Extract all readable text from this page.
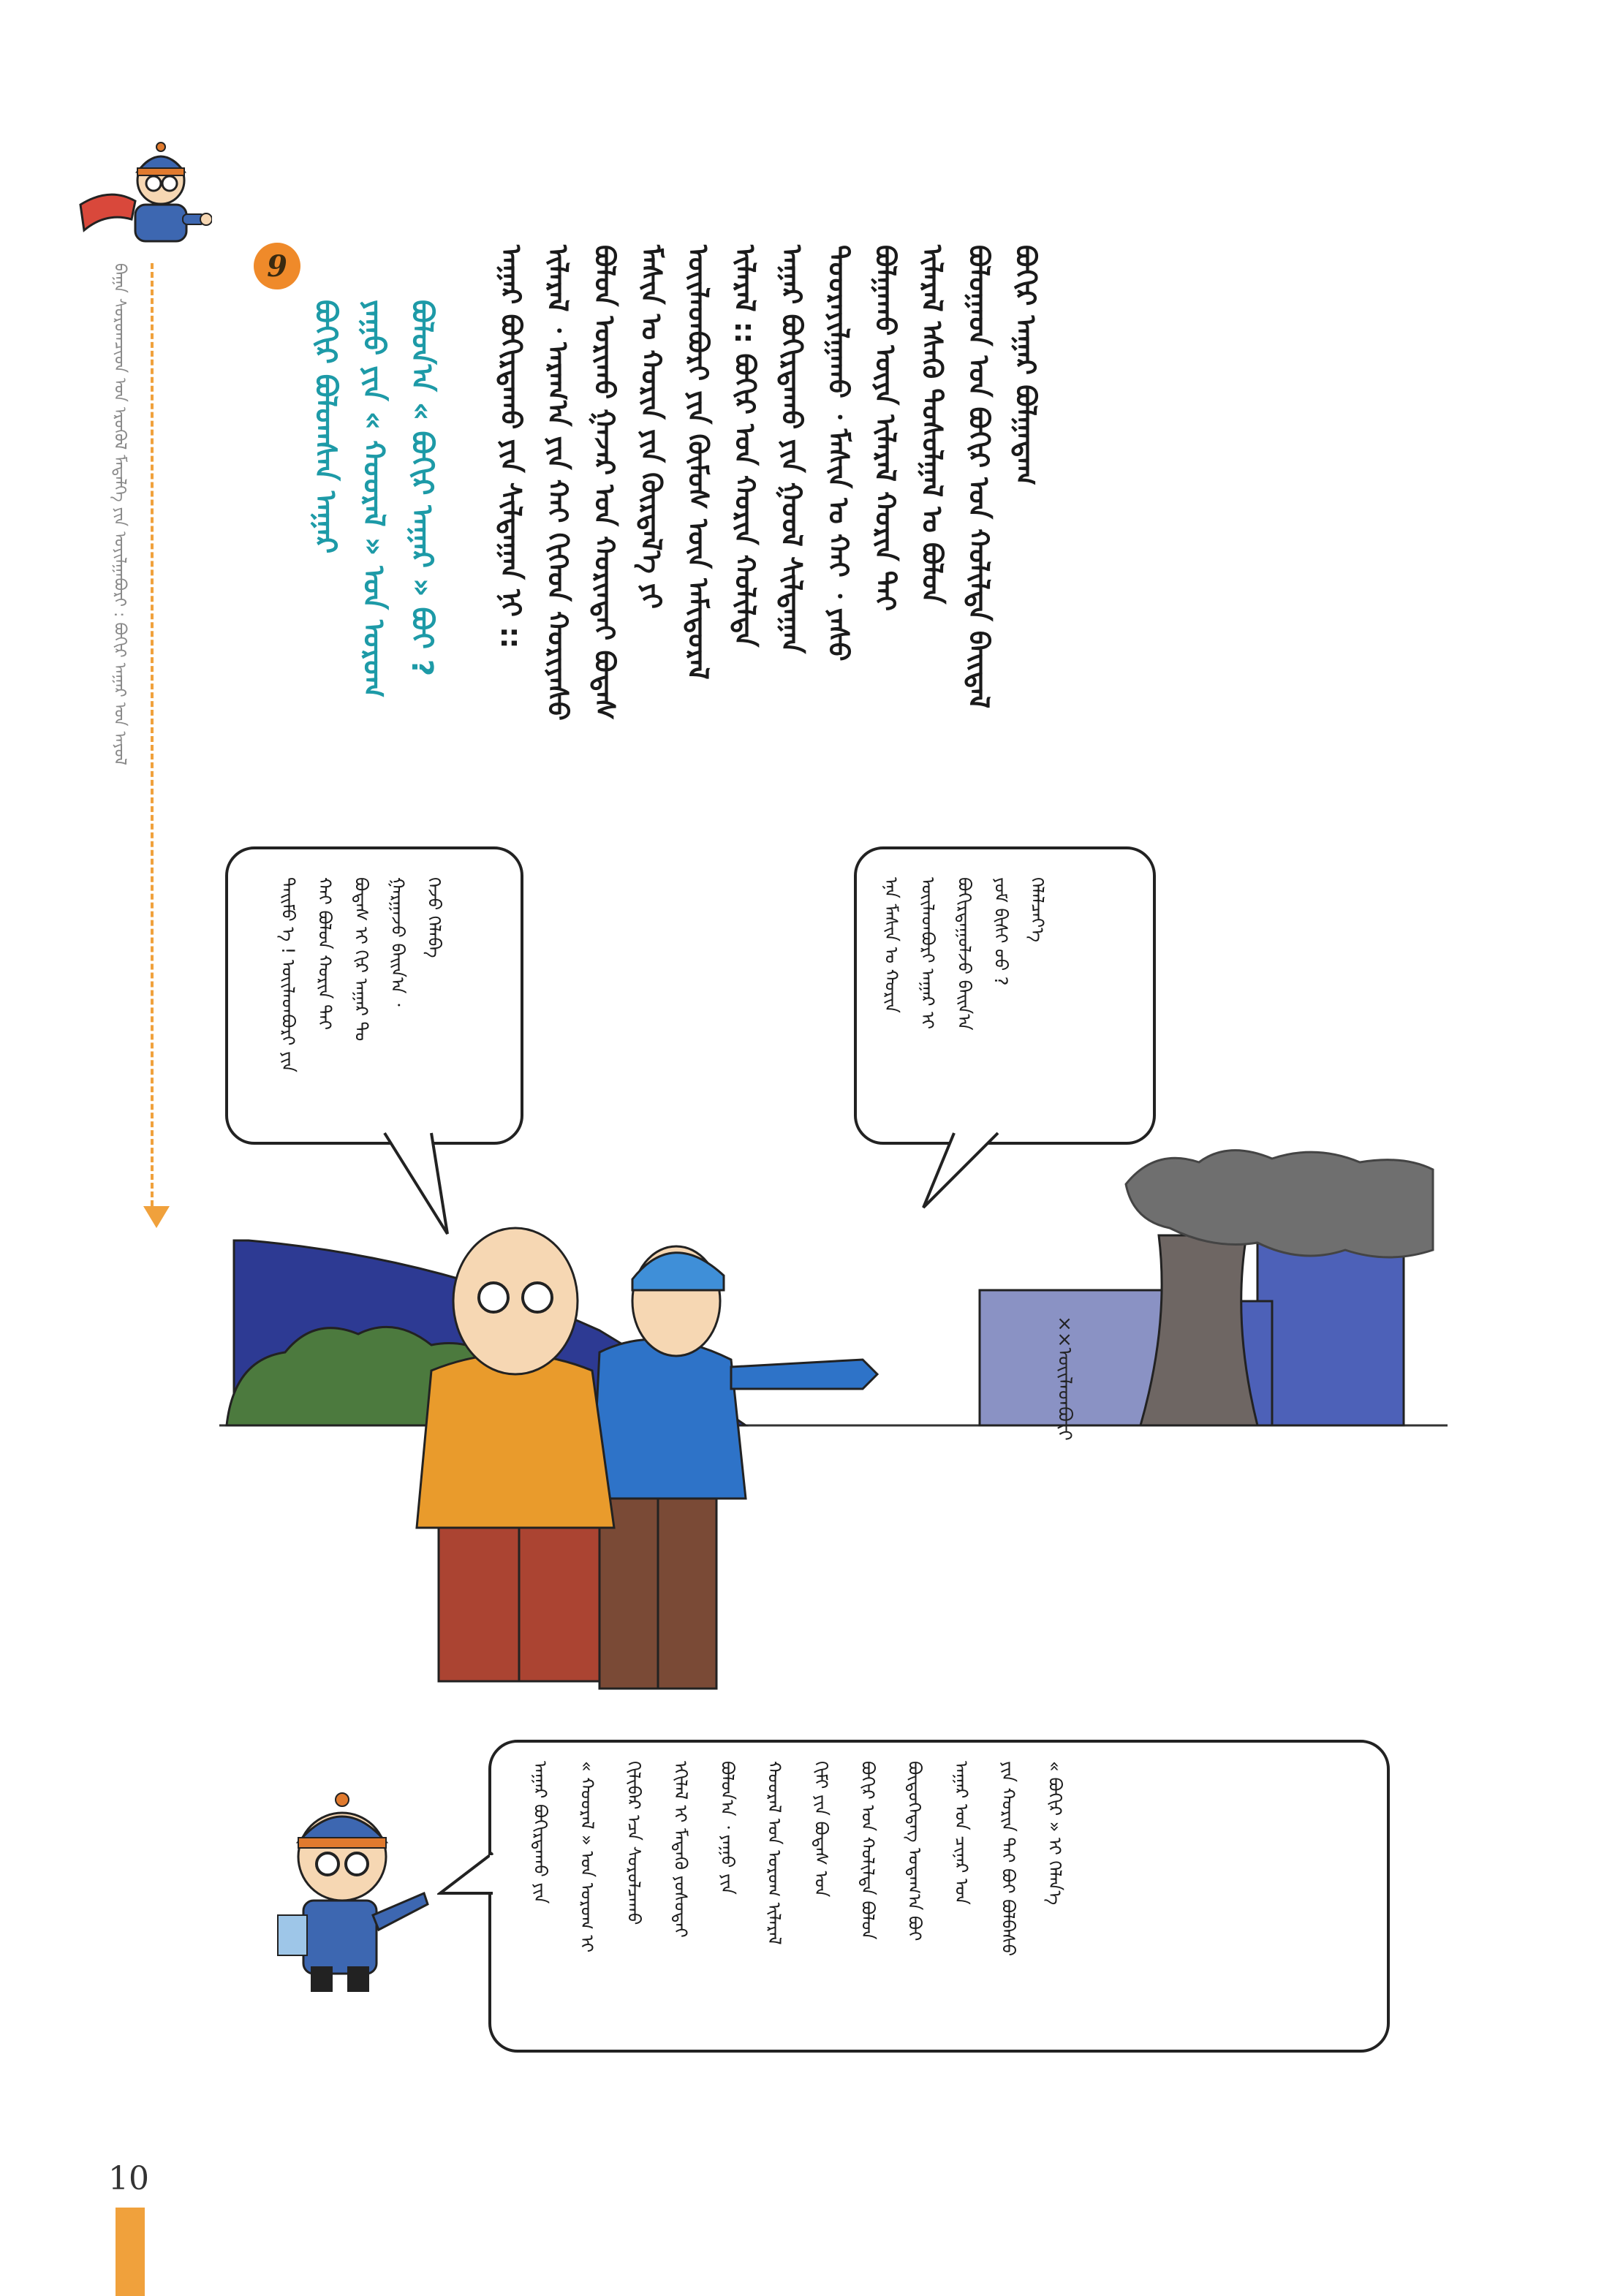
ᠪᠠᠭᠠ ᠰᠤᠷᠤᠭᠴᠢᠳ ᠤᠨ ᠡᠷᠦᠬᠦᠯ ᠮᠡᠳᠡᠯᠭᠡ ᠶᠢᠨ ᠣᠶᠢᠯᠭᠠᠪᠤᠷᠢ : ᠪᠣᠬᠢᠷ ᠠᠭᠠᠷ ᠤᠨ ᠠᠶᠤᠯ	9
ᠪᠣᠬᠢᠷ ᠪᠣᠯᠣᠭᠰᠠᠨ ᠠᠭᠠᠷ ᠶᠠᠭᠤ ᠶᠢᠨ « ᠬᠣᠣᠷᠠᠯ » ᠤᠨ ᠤᠷᠤᠭ ᠪᠣᠯᠣᠨ᠎ᠠ « ᠪᠣᠬᠢᠷ ᠠᠭᠠᠷ » ᠪᠤᠢ ? ᠠᠭᠠᠷ ᠪᠣᠬᠢᠷᠳᠠᠬᠤ ᠶᠢᠨ ᠰᠢᠯᠲᠠᠭᠠᠨ ᠨᠢ :: ᠢᠯᠡᠷᠡᠯ ᠂ ᠠᠷᠠᠭ᠎ᠠ ᠶᠢᠨ ᠬᠠᠢ ᠬᠢᠭᠡᠳ ᠬᠤᠷᠢᠶᠠᠰᠤ ᠪᠣᠯᠣᠨ ᠤᠷᠢᠬᠤ ᠭᠠᠵᠠᠷ ᠤᠨ ᠬᠣᠷᠢᠨᠲᠠᠢ ᠪᠣᠳᠠᠰ ᠮᠠᠰᠢᠨ ᠤ ᠬᠣᠷᠢᠨ ᠶᠢᠨ ᠬᠦᠷᠲᠡᠯ᠎ᠡ ᠶᠢ ᠦᠢᠯᠡᠳᠪᠦᠷᠢ ᠶᠢᠨ ᠬᠦᠮᠦᠰ ᠦᠨ ᠠᠮᠢᠳᠤᠷᠠᠯ ᠢᠯᠡᠷᠡᠯ :: ᠪᠣᠬᠢᠷ ᠤᠨ ᠬᠣᠷᠢᠨ ᠬᠣᠯᠢᠯᠳᠠ ᠠᠭᠠᠷ ᠪᠣᠬᠢᠷᠳᠠᠬᠤ ᠶᠢᠨ ᠭᠣᠣᠯ ᠰᠢᠯᠲᠠᠭᠠᠨ ᠳᠤᠤᠷᠠᠶᠢᠯᠭᠠᠬᠤ ᠂ ᠮᠠᠰᠢᠨ ᠤ ᠬᠠᠢ ᠂ ᠶᠠᠰᠤ ᠪᠣᠯᠭᠠᠬᠤ ᠦᠶᠡ ᠢᠯᠡᠷᠡᠯ ᠬᠣᠷᠢᠨ ᠲᠠᠢ ᠢᠯᠡᠷᠡᠯ ᠡᠰᠡᠬᠦ ᠳᠣᠰᠤᠯᠭᠠᠯ ᠤ ᠪᠣᠯᠣᠨ ᠪᠣᠯᠤᠭᠠᠳ ᠤᠨ ᠪᠣᠬᠢᠷ ᠤᠨ ᠬᠣᠯᠢᠯᠳᠠ ᠪᠠᠢᠳᠠᠯ ᠪᠣᠬᠢᠷ ᠠᠭᠠᠷ ᠪᠣᠯᠭᠠᠳᠠᠭ
ᠲᠡᠢᠮᠦ ᠡ ! ᠦᠢᠯᠡᠳᠪᠦᠷᠢ ᠶᠢᠨ ᠬᠠᠢ ᠪᠣᠯᠣᠨ ᠬᠣᠷᠢᠨ ᠲᠠᠢ ᠪᠣᠳᠠᠰ ᠢ ᠬᠢᠷ ᠠᠭᠠᠷ ᠲᠤ ᠭᠠᠷᠭᠠᠵᠤ ᠪᠠᠢᠨ᠎ᠠ ᠂ ᠭᠡᠵᠦ ᠬᠡᠯᠡᠪᠡ	ᠡᠨᠡ ᠮᠠᠰᠢᠨ ᠤ ᠬᠣᠷᠢᠨ ᠦᠢᠯᠡᠳᠪᠦᠷᠢ ᠠᠭᠠᠷ ᠢ ᠪᠣᠬᠢᠷᠳᠠᠭᠤᠯᠵᠤ ᠪᠠᠢᠨ᠎ᠠ ᠶᠤᠮ ᠪᠢᠰᠢ ᠦᠦ ? ᠬᠡᠯᠡᠯᠴᠡᠶ᠎ᠡ
××ᠦᠢᠯᠡᠳᠪᠦᠷᠢ
ᠠᠭᠠᠷ ᠪᠣᠬᠢᠷᠳᠠᠬᠤ ᠶᠢᠨ « ᠬᠣᠣᠷᠠᠯ » ᠤᠨ ᠤᠷᠤᠭ ᠢ ᠬᠢᠯᠢᠪᠡᠷ ᠡᠴᠡ ᠰᠤᠷᠤᠯᠴᠠᠬᠤ ᠡᠬᠢᠯᠡᠯ ᠢ ᠮᠡᠳᠡᠬᠦ ᠶᠣᠰᠣᠲᠠᠢ ᠪᠣᠯᠤᠨ᠎ᠠ ᠂ ᠶᠠᠭᠤ ᠶᠢᠨ ᠬᠣᠣᠷᠠᠯ ᠤᠨ ᠤᠷᠤᠭ ᠢᠯᠡᠷᠡᠯ ᠬᠢᠮᠢ ᠶᠢᠨ ᠪᠣᠳᠠᠰ ᠤᠨ ᠪᠣᠬᠢᠷ ᠤᠨ ᠬᠣᠯᠢᠯᠳᠠ ᠪᠣᠯᠣᠨ ᠪᠦᠲᠦᠭᠡᠳᠡᠭ ᠤᠳᠠᠭ᠎ᠠ ᠪᠤᠢ ᠠᠭᠠᠷ ᠤᠨ ᠴᠢᠨᠠᠷ ᠤᠨ ᠶᠢᠨ ᠬᠣᠷᠢᠨ ᠲᠠᠢ ᠪᠤᠢ ᠪᠣᠯᠪᠠᠰᠤ « ᠪᠣᠬᠢᠷ » ᠢ ᠬᠡᠯᠡᠨ᠎ᠡ
10
